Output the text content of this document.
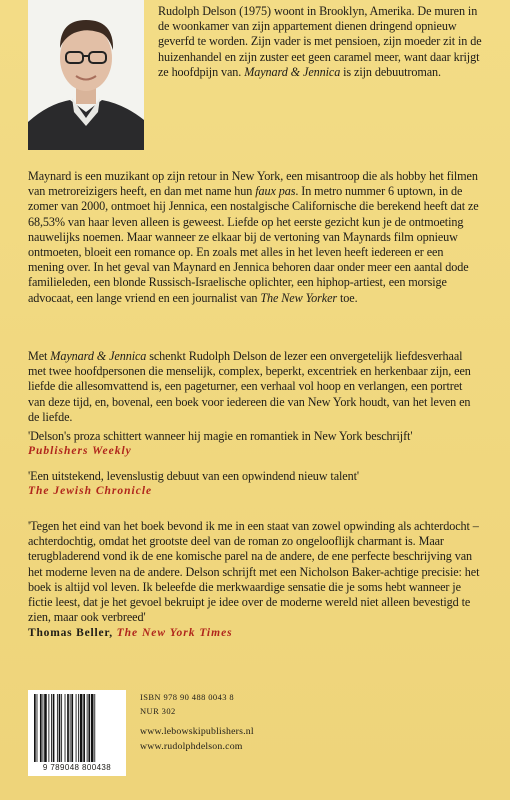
Rudolph Delson (1975) woont in Brooklyn, Amerika. De muren in de woonkamer van zijn appartement dienen dringend opnieuw geverfd te worden. Zijn vader is met pensioen, zijn moeder zit in de huizenhandel en zijn zuster eet geen caramel meer, want daar krijgt ze hoofdpijn van. Maynard & Jennica is zijn debuutroman.

Maynard is een muzikant op zijn retour in New York, een misantroop die als hobby het filmen van metroreizigers heeft, en dan met name hun faux pas. In metro nummer 6 uptown, in de zomer van 2000, ontmoet hij Jennica, een nostalgische Californische die berekend heeft dat ze 68,53% van haar leven alleen is geweest. Liefde op het eerste gezicht kun je de ontmoeting nauwelijks noemen. Maar wanneer ze elkaar bij de vertoning van Maynards film opnieuw ontmoeten, bloeit een romance op. En zoals met alles in het leven heeft iedereen er een mening over. In het geval van Maynard en Jennica behoren daar onder meer een aantal dode familieleden, een blonde Russisch-Israelische oplichter, een hiphop-artiest, een morsige advocaat, een lange vriend en een journalist van The New Yorker toe.

Met Maynard & Jennica schenkt Rudolph Delson de lezer een onvergetelijk liefdesverhaal met twee hoofdpersonen die menselijk, complex, beperkt, excentriek en herkenbaar zijn, een liefde die allesomvattend is, een pageturner, een verhaal vol hoop en verlangen, een portret van deze tijd, en, bovenal, een boek voor iedereen die van New York houdt, van het leven en de liefde.

'Delson's proza schittert wanneer hij magie en romantiek in New York beschrijft'

Publishers Weekly

'Een uitstekend, levenslustig debuut van een opwindend nieuw talent'

The Jewish Chronicle

'Tegen het eind van het boek bevond ik me in een staat van zowel opwinding als achterdocht – achterdochtig, omdat het grootste deel van de roman zo ongelooflijk charmant is. Maar terugbladerend vond ik de ene komische parel na de andere, de ene perfecte beschrijving van het moderne leven na de andere. Delson schrijft met een Nicholson Baker-achtige precisie: het boek is altijd vol leven. Ik beleefde die merkwaardige sensatie die je soms hebt wanneer je fictie leest, dat je het gevoel bekruipt je idee over de moderne wereld niet alleen bevestigd te zien, maar ook verbreed'

Thomas Beller, The New York Times

9 789048 800438
ISBN 978 90 488 0043 8
NUR 302
www.lebowskipublishers.nl
www.rudolphdelson.com
